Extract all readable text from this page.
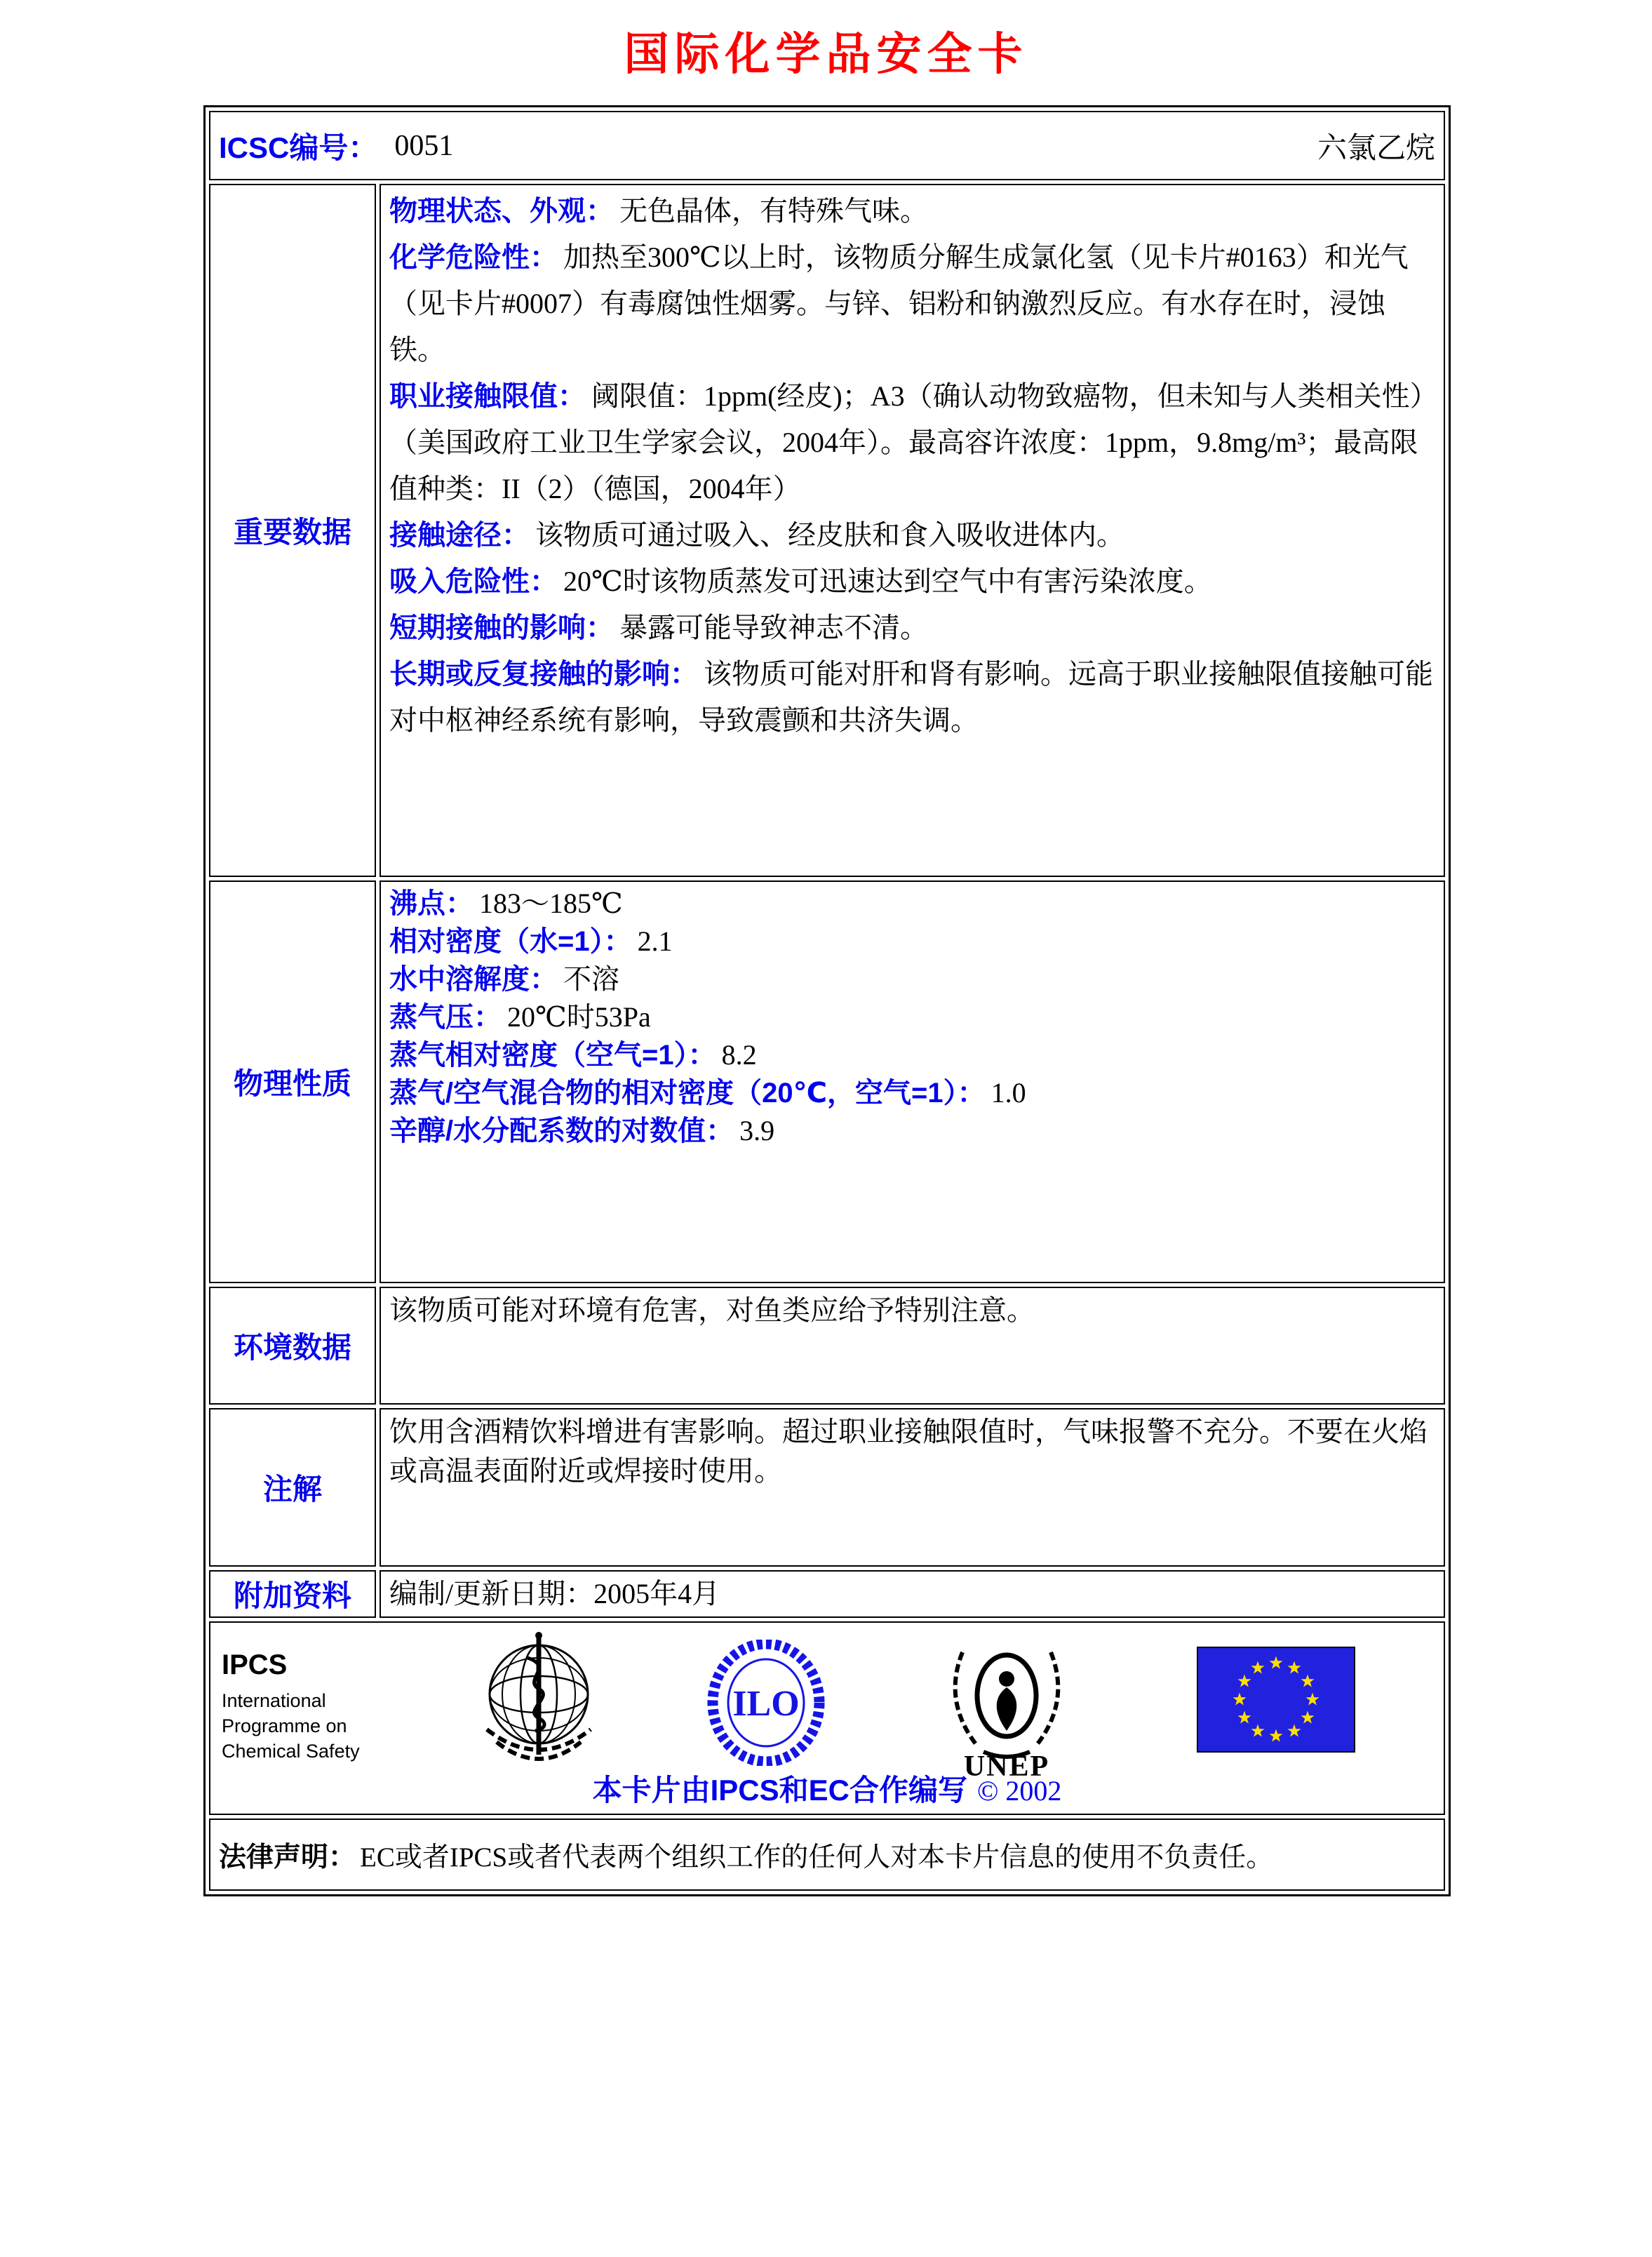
国际化学品安全卡
ICSC编号： 0051 六氯乙烷	

重要数据	

物理状态、外观： 无色晶体，有特殊气味。

化学危险性： 加热至300℃以上时，该物质分解生成氯化氢（见卡片#0163）和光气（见卡片#0007）有毒腐蚀性烟雾。与锌、铝粉和钠激烈反应。有水存在时，浸蚀铁。

职业接触限值： 阈限值：1ppm(经皮)；A3（确认动物致癌物，但未知与人类相关性）（美国政府工业卫生学家会议，2004年）。最高容许浓度：1ppm，9.8mg/m³；最高限值种类：II（2）（德国，2004年）

接触途径： 该物质可通过吸入、经皮肤和食入吸收进体内。

吸入危险性： 20℃时该物质蒸发可迅速达到空气中有害污染浓度。

短期接触的影响： 暴露可能导致神志不清。

长期或反复接触的影响： 该物质可能对肝和肾有影响。远高于职业接触限值接触可能对中枢神经系统有影响，导致震颤和共济失调。

物理性质	

沸点： 183～185℃

相对密度（水=1）： 2.1

水中溶解度： 不溶

蒸气压： 20℃时53Pa

蒸气相对密度（空气=1）： 8.2

蒸气/空气混合物的相对密度（20℃，空气=1）： 1.0

辛醇/水分配系数的对数值： 3.9

环境数据	该物质可能对环境有危害，对鱼类应给予特别注意。

注解	饮用含酒精饮料增进有害影响。超过职业接触限值时，气味报警不充分。不要在火焰或高温表面附近或焊接时使用。

附加资料	编制/更新日期：2005年4月

IPCS
International
Programme on
Chemical Safety
ILO
UNEP
本卡片由IPCS和EC合作编写 © 2002

法律声明： EC或者IPCS或者代表两个组织工作的任何人对本卡片信息的使用不负责任。	
